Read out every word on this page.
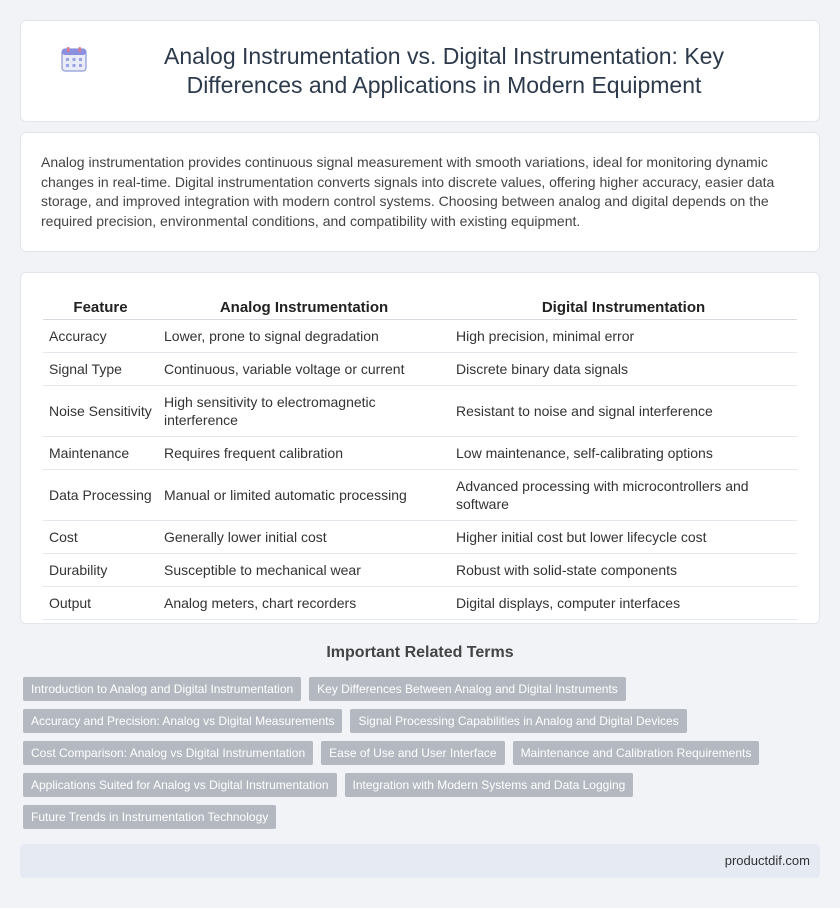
Analog Instrumentation vs. Digital Instrumentation: Key Differences and Applications in Modern Equipment

Analog instrumentation provides continuous signal measurement with smooth variations, ideal for monitoring dynamic changes in real-time. Digital instrumentation converts signals into discrete values, offering higher accuracy, easier data storage, and improved integration with modern control systems. Choosing between analog and digital depends on the required precision, environmental conditions, and compatibility with existing equipment.

Feature	Analog Instrumentation	Digital Instrumentation
Accuracy	Lower, prone to signal degradation	High precision, minimal error
Signal Type	Continuous, variable voltage or current	Discrete binary data signals
Noise Sensitivity	High sensitivity to electromagnetic interference	Resistant to noise and signal interference
Maintenance	Requires frequent calibration	Low maintenance, self-calibrating options
Data Processing	Manual or limited automatic processing	Advanced processing with microcontrollers and software
Cost	Generally lower initial cost	Higher initial cost but lower lifecycle cost
Durability	Susceptible to mechanical wear	Robust with solid-state components
Output	Analog meters, chart recorders	Digital displays, computer interfaces
Important Related Terms
Introduction to Analog and Digital Instrumentation	Key Differences Between Analog and Digital Instruments
Accuracy and Precision: Analog vs Digital Measurements	Signal Processing Capabilities in Analog and Digital Devices
Cost Comparison: Analog vs Digital Instrumentation	Ease of Use and User Interface	Maintenance and Calibration Requirements
Applications Suited for Analog vs Digital Instrumentation	Integration with Modern Systems and Data Logging
Future Trends in Instrumentation Technology
productdif.com
